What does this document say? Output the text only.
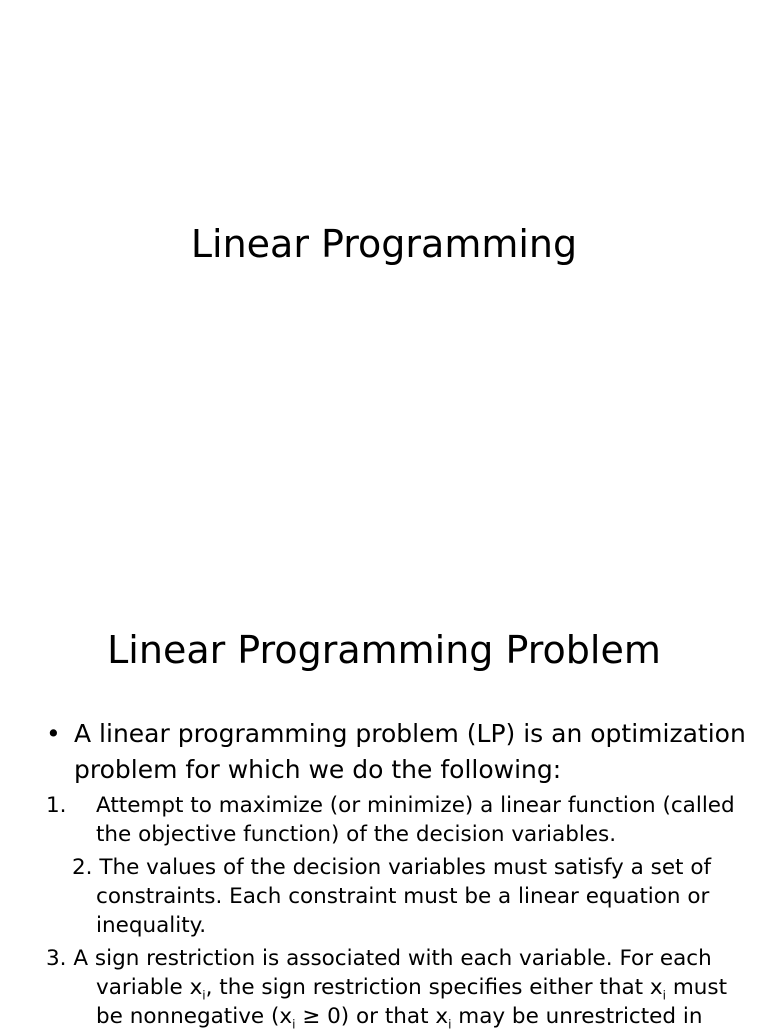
Linear Programming
Linear Programming Problem
• A linear programming problem (LP) is an optimization problem for which we do the following:
1. Attempt to maximize (or minimize) a linear function (called the objective function) of the decision variables.
2. The values of the decision variables must satisfy a set of constraints. Each constraint must be a linear equation or inequality.
3. A sign restriction is associated with each variable. For each variable $x_i$, the sign restriction specifies either that $x_i$ must be nonnegative $(x_i \ge 0)$ or that $x_i$ may be unrestricted in
